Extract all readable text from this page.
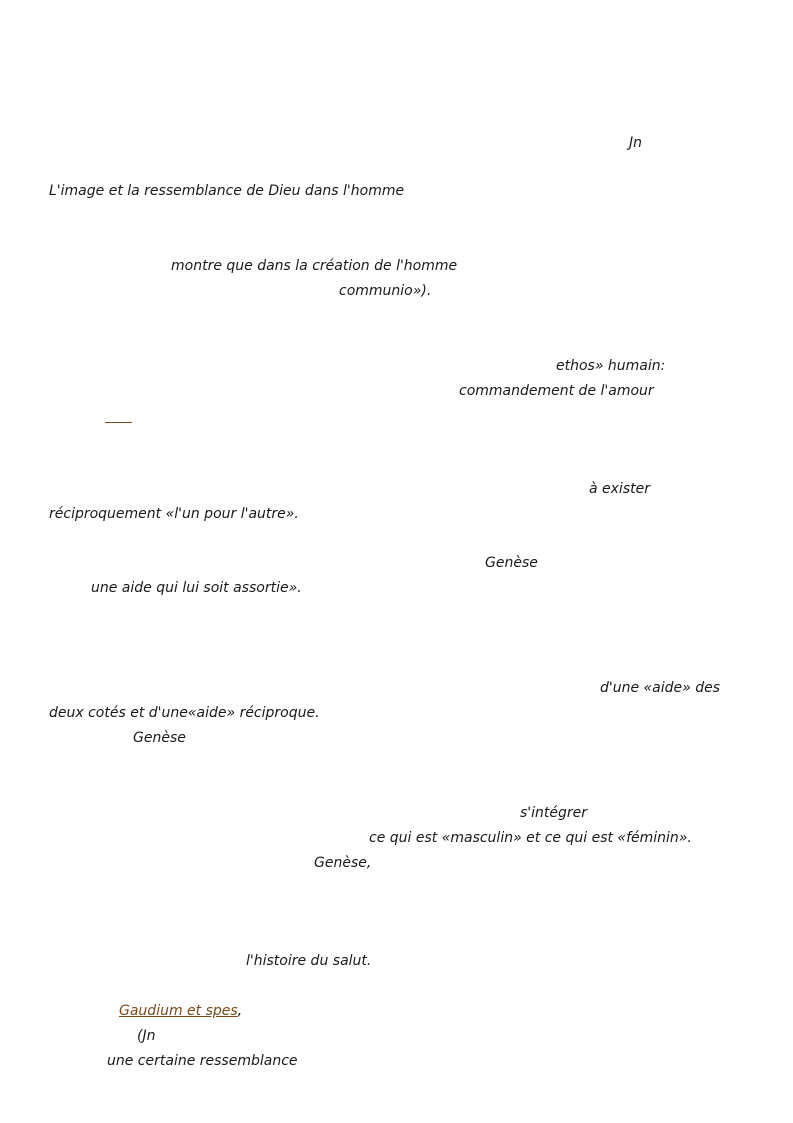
Jn
L'image et la ressemblance de Dieu dans l'homme
montre que dans la création de l'homme
communio»).
ethos» humain:
commandement de l'amour
à exister
réciproquement «l'un pour l'autre».
Genèse
une aide qui lui soit assortie».
d'une «aide» des
deux cotés et d'une«aide» réciproque.
Genèse
s'intégrer
ce qui est «masculin» et ce qui est «féminin».
Genèse,
l'histoire du salut.
Gaudium et spes,
(Jn
une certaine ressemblance
